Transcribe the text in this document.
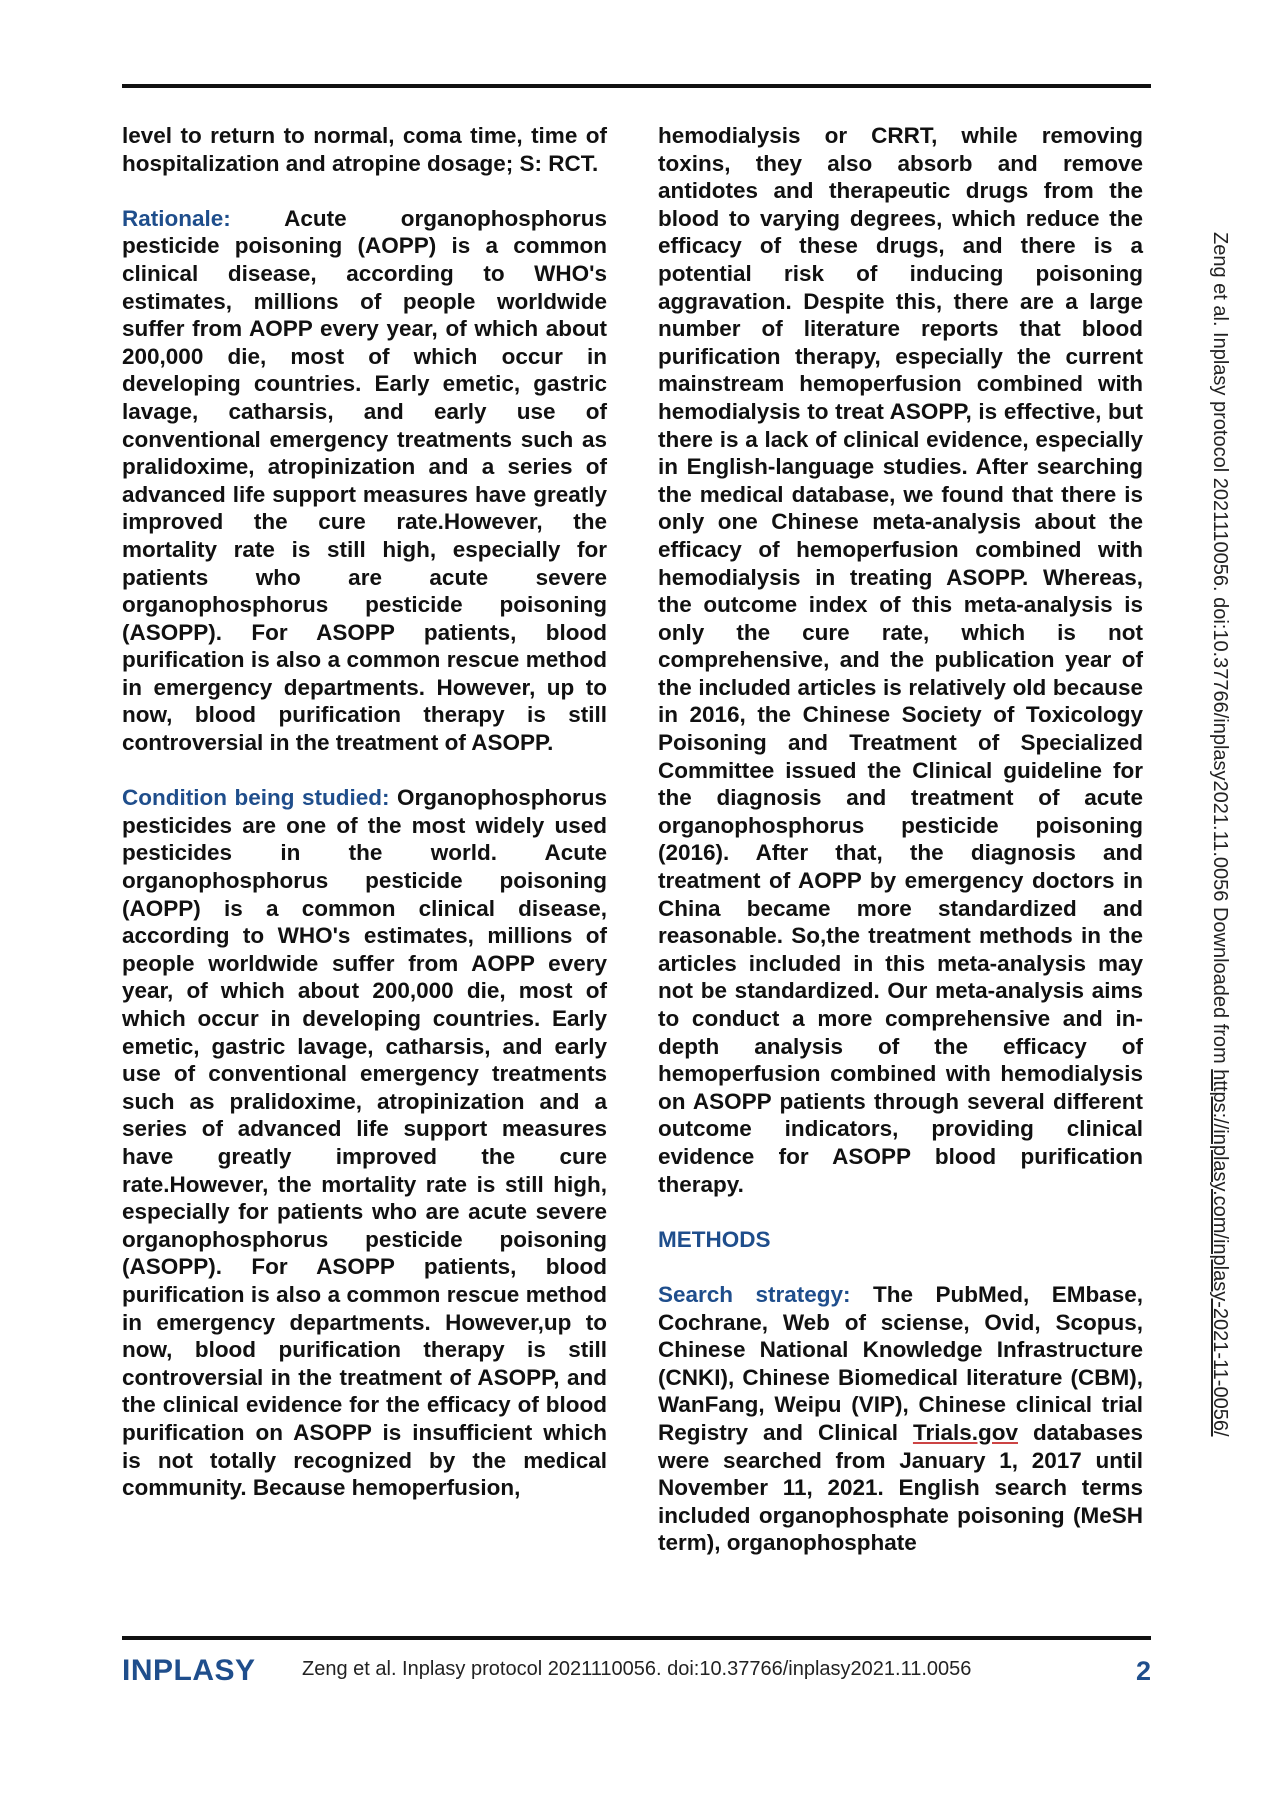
level to return to normal, coma time, time of hospitalization and atropine dosage; S: RCT.

Rationale: Acute organophosphorus pesticide poisoning (AOPP) is a common clinical disease, according to WHO's estimates, millions of people worldwide suffer from AOPP every year, of which about 200,000 die, most of which occur in developing countries. Early emetic, gastric lavage, catharsis, and early use of conventional emergency treatments such as pralidoxime, atropinization and a series of advanced life support measures have greatly improved the cure rate.However, the mortality rate is still high, especially for patients who are acute severe organophosphorus pesticide poisoning (ASOPP). For ASOPP patients, blood purification is also a common rescue method in emergency departments. However, up to now, blood purification therapy is still controversial in the treatment of ASOPP.

Condition being studied: Organophosphorus pesticides are one of the most widely used pesticides in the world. Acute organophosphorus pesticide poisoning (AOPP) is a common clinical disease, according to WHO's estimates, millions of people worldwide suffer from AOPP every year, of which about 200,000 die, most of which occur in developing countries. Early emetic, gastric lavage, catharsis, and early use of conventional emergency treatments such as pralidoxime, atropinization and a series of advanced life support measures have greatly improved the cure rate.However, the mortality rate is still high, especially for patients who are acute severe organophosphorus pesticide poisoning (ASOPP). For ASOPP patients, blood purification is also a common rescue method in emergency departments. However,up to now, blood purification therapy is still controversial in the treatment of ASOPP, and the clinical evidence for the efficacy of blood purification on ASOPP is insufficient which is not totally recognized by the medical community. Because hemoperfusion,

hemodialysis or CRRT, while removing toxins, they also absorb and remove antidotes and therapeutic drugs from the blood to varying degrees, which reduce the efficacy of these drugs, and there is a potential risk of inducing poisoning aggravation. Despite this, there are a large number of literature reports that blood purification therapy, especially the current mainstream hemoperfusion combined with hemodialysis to treat ASOPP, is effective, but there is a lack of clinical evidence, especially in English-language studies. After searching the medical database, we found that there is only one Chinese meta-analysis about the efficacy of hemoperfusion combined with hemodialysis in treating ASOPP. Whereas, the outcome index of this meta-analysis is only the cure rate, which is not comprehensive, and the publication year of the included articles is relatively old because in 2016, the Chinese Society of Toxicology Poisoning and Treatment of Specialized Committee issued the Clinical guideline for the diagnosis and treatment of acute organophosphorus pesticide poisoning (2016). After that, the diagnosis and treatment of AOPP by emergency doctors in China became more standardized and reasonable. So,the treatment methods in the articles included in this meta-analysis may not be standardized. Our meta-analysis aims to conduct a more comprehensive and in-depth analysis of the efficacy of hemoperfusion combined with hemodialysis on ASOPP patients through several different outcome indicators, providing clinical evidence for ASOPP blood purification therapy.

METHODS

Search strategy: The PubMed, EMbase, Cochrane, Web of sciense, Ovid, Scopus, Chinese National Knowledge Infrastructure (CNKI), Chinese Biomedical literature (CBM), WanFang, Weipu (VIP), Chinese clinical trial Registry and Clinical Trials.gov databases were searched from January 1, 2017 until November 11, 2021. English search terms included organophosphate poisoning (MeSH term), organophosphate

Zeng et al. Inplasy protocol 2021110056. doi:10.37766/inplasy2021.11.0056 Downloaded from https://inplasy.com/inplasy-2021-11-0056/
INPLASY Zeng et al. Inplasy protocol 2021110056. doi:10.37766/inplasy2021.11.0056	2
